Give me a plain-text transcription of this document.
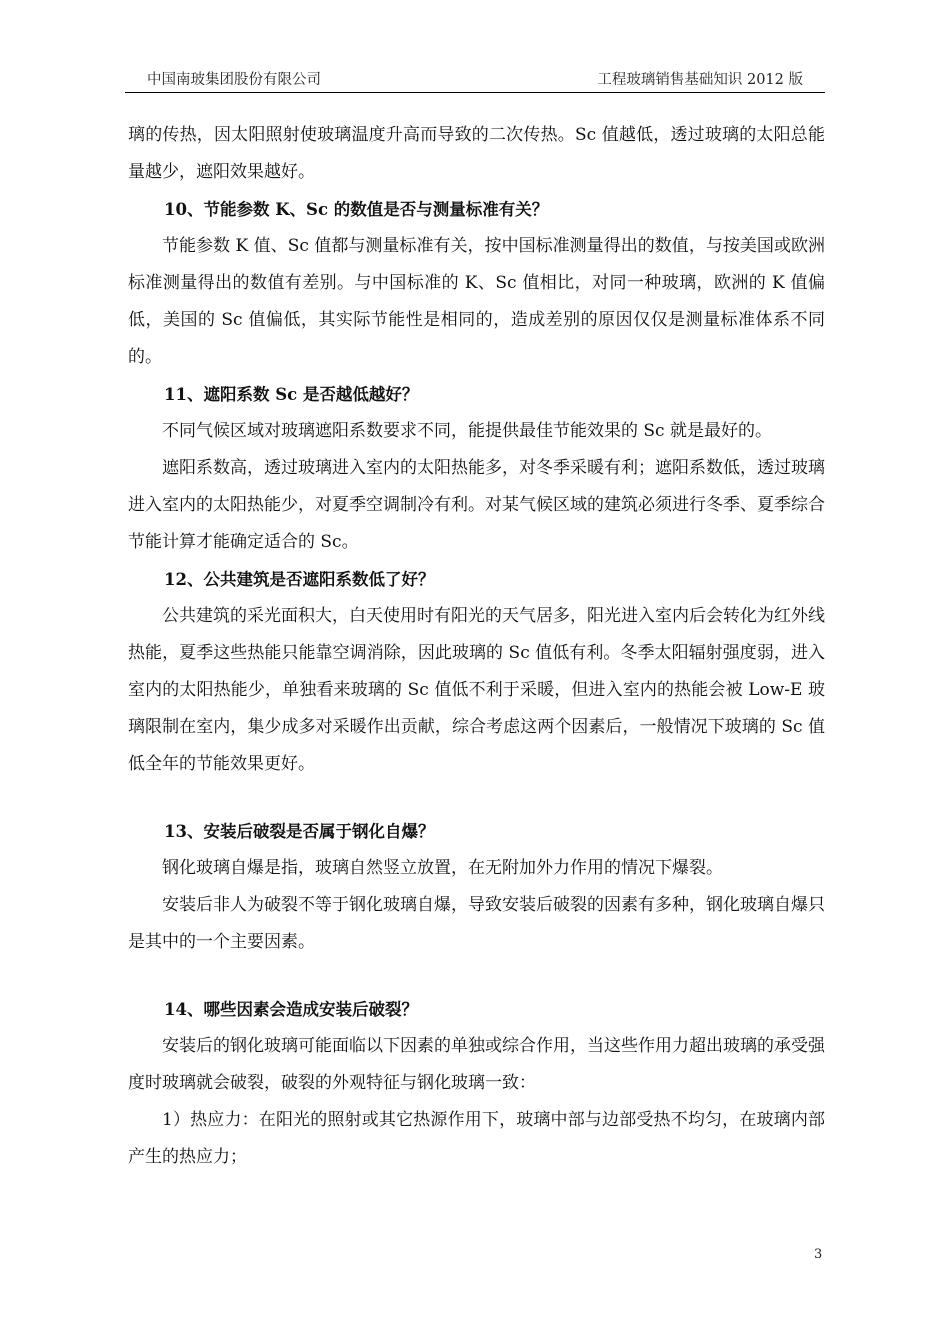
中国南玻集团股份有限公司	工程玻璃销售基础知识 2012 版

璃的传热，因太阳照射使玻璃温度升高而导致的二次传热。Sc 值越低，透过玻璃的太阳总能量越少，遮阳效果越好。

10、节能参数 K、Sc 的数值是否与测量标准有关？

节能参数 K 值、Sc 值都与测量标准有关，按中国标准测量得出的数值，与按美国或欧洲标准测量得出的数值有差别。与中国标准的 K、Sc 值相比，对同一种玻璃，欧洲的 K 值偏低，美国的 Sc 值偏低，其实际节能性是相同的，造成差别的原因仅仅是测量标准体系不同的。

11、遮阳系数 Sc 是否越低越好？

不同气候区域对玻璃遮阳系数要求不同，能提供最佳节能效果的 Sc 就是最好的。

遮阳系数高，透过玻璃进入室内的太阳热能多，对冬季采暖有利；遮阳系数低，透过玻璃进入室内的太阳热能少，对夏季空调制冷有利。对某气候区域的建筑必须进行冬季、夏季综合节能计算才能确定适合的 Sc。

12、公共建筑是否遮阳系数低了好？

公共建筑的采光面积大，白天使用时有阳光的天气居多，阳光进入室内后会转化为红外线热能，夏季这些热能只能靠空调消除，因此玻璃的 Sc 值低有利。冬季太阳辐射强度弱，进入室内的太阳热能少，单独看来玻璃的 Sc 值低不利于采暖，但进入室内的热能会被 Low-E 玻璃限制在室内，集少成多对采暖作出贡献，综合考虑这两个因素后，一般情况下玻璃的 Sc 值低全年的节能效果更好。

13、安装后破裂是否属于钢化自爆？

钢化玻璃自爆是指，玻璃自然竖立放置，在无附加外力作用的情况下爆裂。

安装后非人为破裂不等于钢化玻璃自爆，导致安装后破裂的因素有多种，钢化玻璃自爆只是其中的一个主要因素。

14、哪些因素会造成安装后破裂？

安装后的钢化玻璃可能面临以下因素的单独或综合作用，当这些作用力超出玻璃的承受强度时玻璃就会破裂，破裂的外观特征与钢化玻璃一致：

1）热应力：在阳光的照射或其它热源作用下，玻璃中部与边部受热不均匀，在玻璃内部产生的热应力；

3
